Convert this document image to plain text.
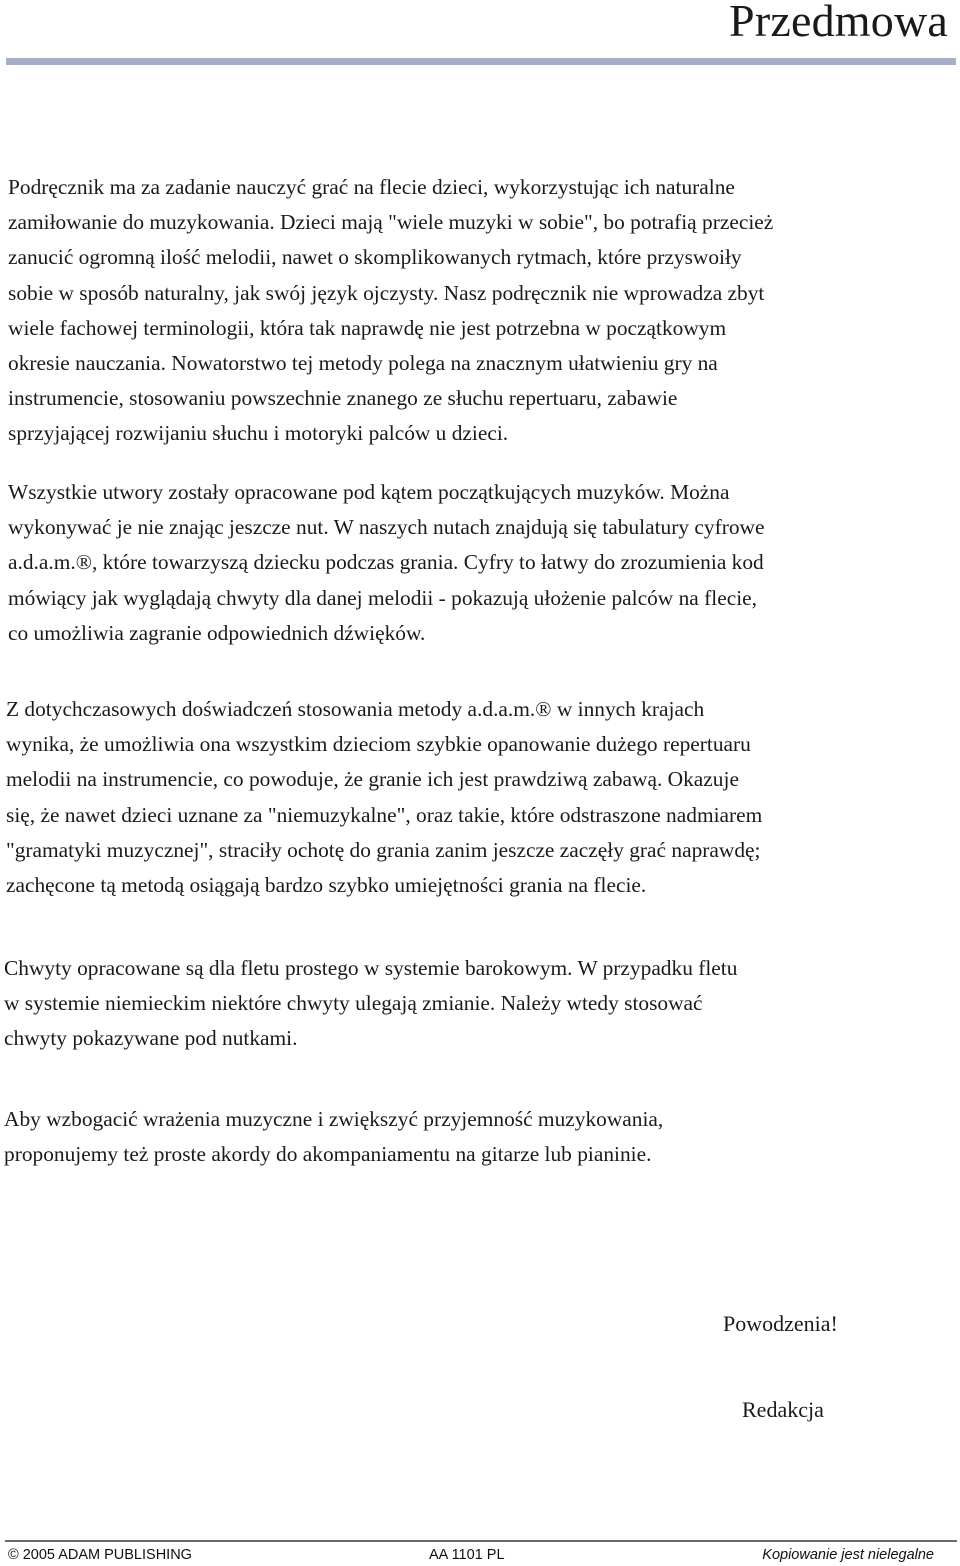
Przedmowa

Podręcznik ma za zadanie nauczyć grać na flecie dzieci, wykorzystując ich naturalne
zamiłowanie do muzykowania. Dzieci mają "wiele muzyki w sobie", bo potrafią przecież
zanucić ogromną ilość melodii, nawet o skomplikowanych rytmach, które przyswoiły
sobie w sposób naturalny, jak swój język ojczysty. Nasz podręcznik nie wprowadza zbyt
wiele fachowej terminologii, która tak naprawdę nie jest potrzebna w początkowym
okresie nauczania. Nowatorstwo tej metody polega na znacznym ułatwieniu gry na
instrumencie, stosowaniu powszechnie znanego ze słuchu repertuaru, zabawie
sprzyjającej rozwijaniu słuchu i motoryki palców u dzieci.

Wszystkie utwory zostały opracowane pod kątem początkujących muzyków. Można
wykonywać je nie znając jeszcze nut. W naszych nutach znajdują się tabulatury cyfrowe
a.d.a.m.®, które towarzyszą dziecku podczas grania. Cyfry to łatwy do zrozumienia kod
mówiący jak wyglądają chwyty dla danej melodii - pokazują ułożenie palców na flecie,
co umożliwia zagranie odpowiednich dźwięków.

Z dotychczasowych doświadczeń stosowania metody a.d.a.m.® w innych krajach
wynika, że umożliwia ona wszystkim dzieciom szybkie opanowanie dużego repertuaru
melodii na instrumencie, co powoduje, że granie ich jest prawdziwą zabawą. Okazuje
się, że nawet dzieci uznane za "niemuzykalne", oraz takie, które odstraszone nadmiarem
"gramatyki muzycznej", straciły ochotę do grania zanim jeszcze zaczęły grać naprawdę;
zachęcone tą metodą osiągają bardzo szybko umiejętności grania na flecie.

Chwyty opracowane są dla fletu prostego w systemie barokowym. W przypadku fletu
w systemie niemieckim niektóre chwyty ulegają zmianie. Należy wtedy stosować
chwyty pokazywane pod nutkami.

Aby wzbogacić wrażenia muzyczne i zwiększyć przyjemność muzykowania,
proponujemy też proste akordy do akompaniamentu na gitarze lub pianinie.

Powodzenia!

Redakcja

© 2005 ADAM PUBLISHING	AA 1101 PL	Kopiowanie jest nielegalne
